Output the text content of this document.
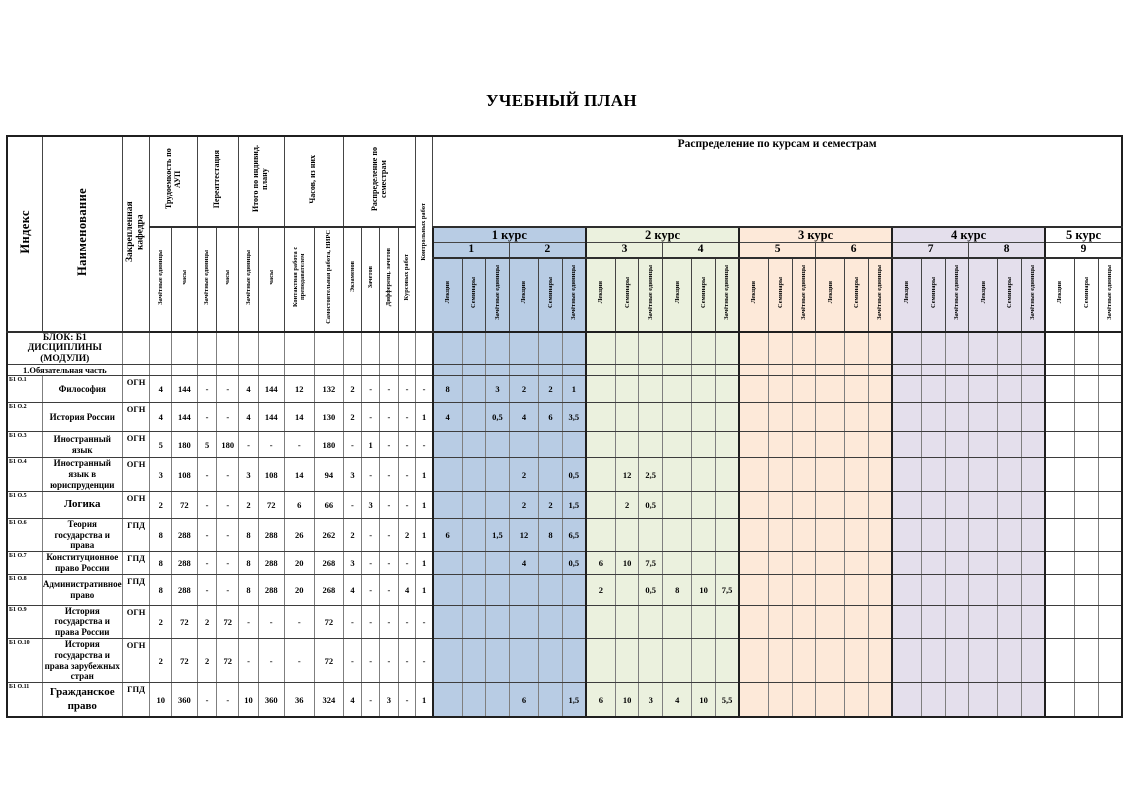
УЧЕБНЫЙ ПЛАН
Индекс	Наименование	Закрепленная кафедра	Трудоемкость по АУП		Переаттестация		Итого по индивид. плану		Часов, из них		Распределение по семестрам				Контрольных работ	Распределение по курсам и семестрам																										
			Зачётные единицы	часы	Зачётные единицы	часы	Зачётные единицы	часы	Контактная работа с преподавателем	Самостоятельная работа, НИРС	Экзаменов	Зачетов	Дифференц. зачетов	Курсовых работ		1 курс						2 курс						3 курс						4 курс						5 курс		
																1			2			3			4			5			6			7			8			9		
																Лекции	Семинары	Зачётные единицы	Лекции	Семинары	Зачётные единицы	Лекции	Семинары	Зачётные единицы	Лекции	Семинары	Зачётные единицы	Лекции	Семинары	Зачётные единицы	Лекции	Семинары	Зачётные единицы	Лекции	Семинары	Зачётные единицы	Лекции	Семинары	Зачётные единицы	Лекции	Семинары	Зачётные единицы
БЛОК: Б1 ДИСЦИПЛИНЫ (МОДУЛИ)																																										
1.Обязательная часть																																										
Б1 О.1	Философия	ОГН	4	144	-	-	4	144	12	132	2	-	-	-	-	8		3	2	2	1																					
Б1 О.2	История России	ОГН	4	144	-	-	4	144	14	130	2	-	-	-	1	4		0,5	4	6	3,5																					
Б1 О.3	Иностранный язык	ОГН	5	180	5	180	-	-	-	180	-	1	-	-	-																											
Б1 О.4	Иностранный язык в юриспруденции	ОГН	3	108	-	-	3	108	14	94	3	-	-	-	1				2		0,5		12	2,5																		
Б1 О.5	Логика	ОГН	2	72	-	-	2	72	6	66	-	3	-	-	1				2	2	1,5		2	0,5																		
Б1 О.6	Теория государства и права	ГПД	8	288	-	-	8	288	26	262	2	-	-	2	1	6		1,5	12	8	6,5																					
Б1 О.7	Конституционное право России	ГПД	8	288	-	-	8	288	20	268	3	-	-	-	1				4		0,5	6	10	7,5																		
Б1 О.8	Административное право	ГПД	8	288	-	-	8	288	20	268	4	-	-	4	1							2		0,5	8	10	7,5															
Б1 О.9	История государства и права России	ОГН	2	72	2	72	-	-	-	72	-	-	-	-	-																											
Б1 О.10	История государства и права зарубежных стран	ОГН	2	72	2	72	-	-	-	72	-	-	-	-	-																											
Б1 О.11	Гражданское право	ГПД	10	360	-	-	10	360	36	324	4	-	3	-	1				6		1,5	6	10	3	4	10	5,5															
